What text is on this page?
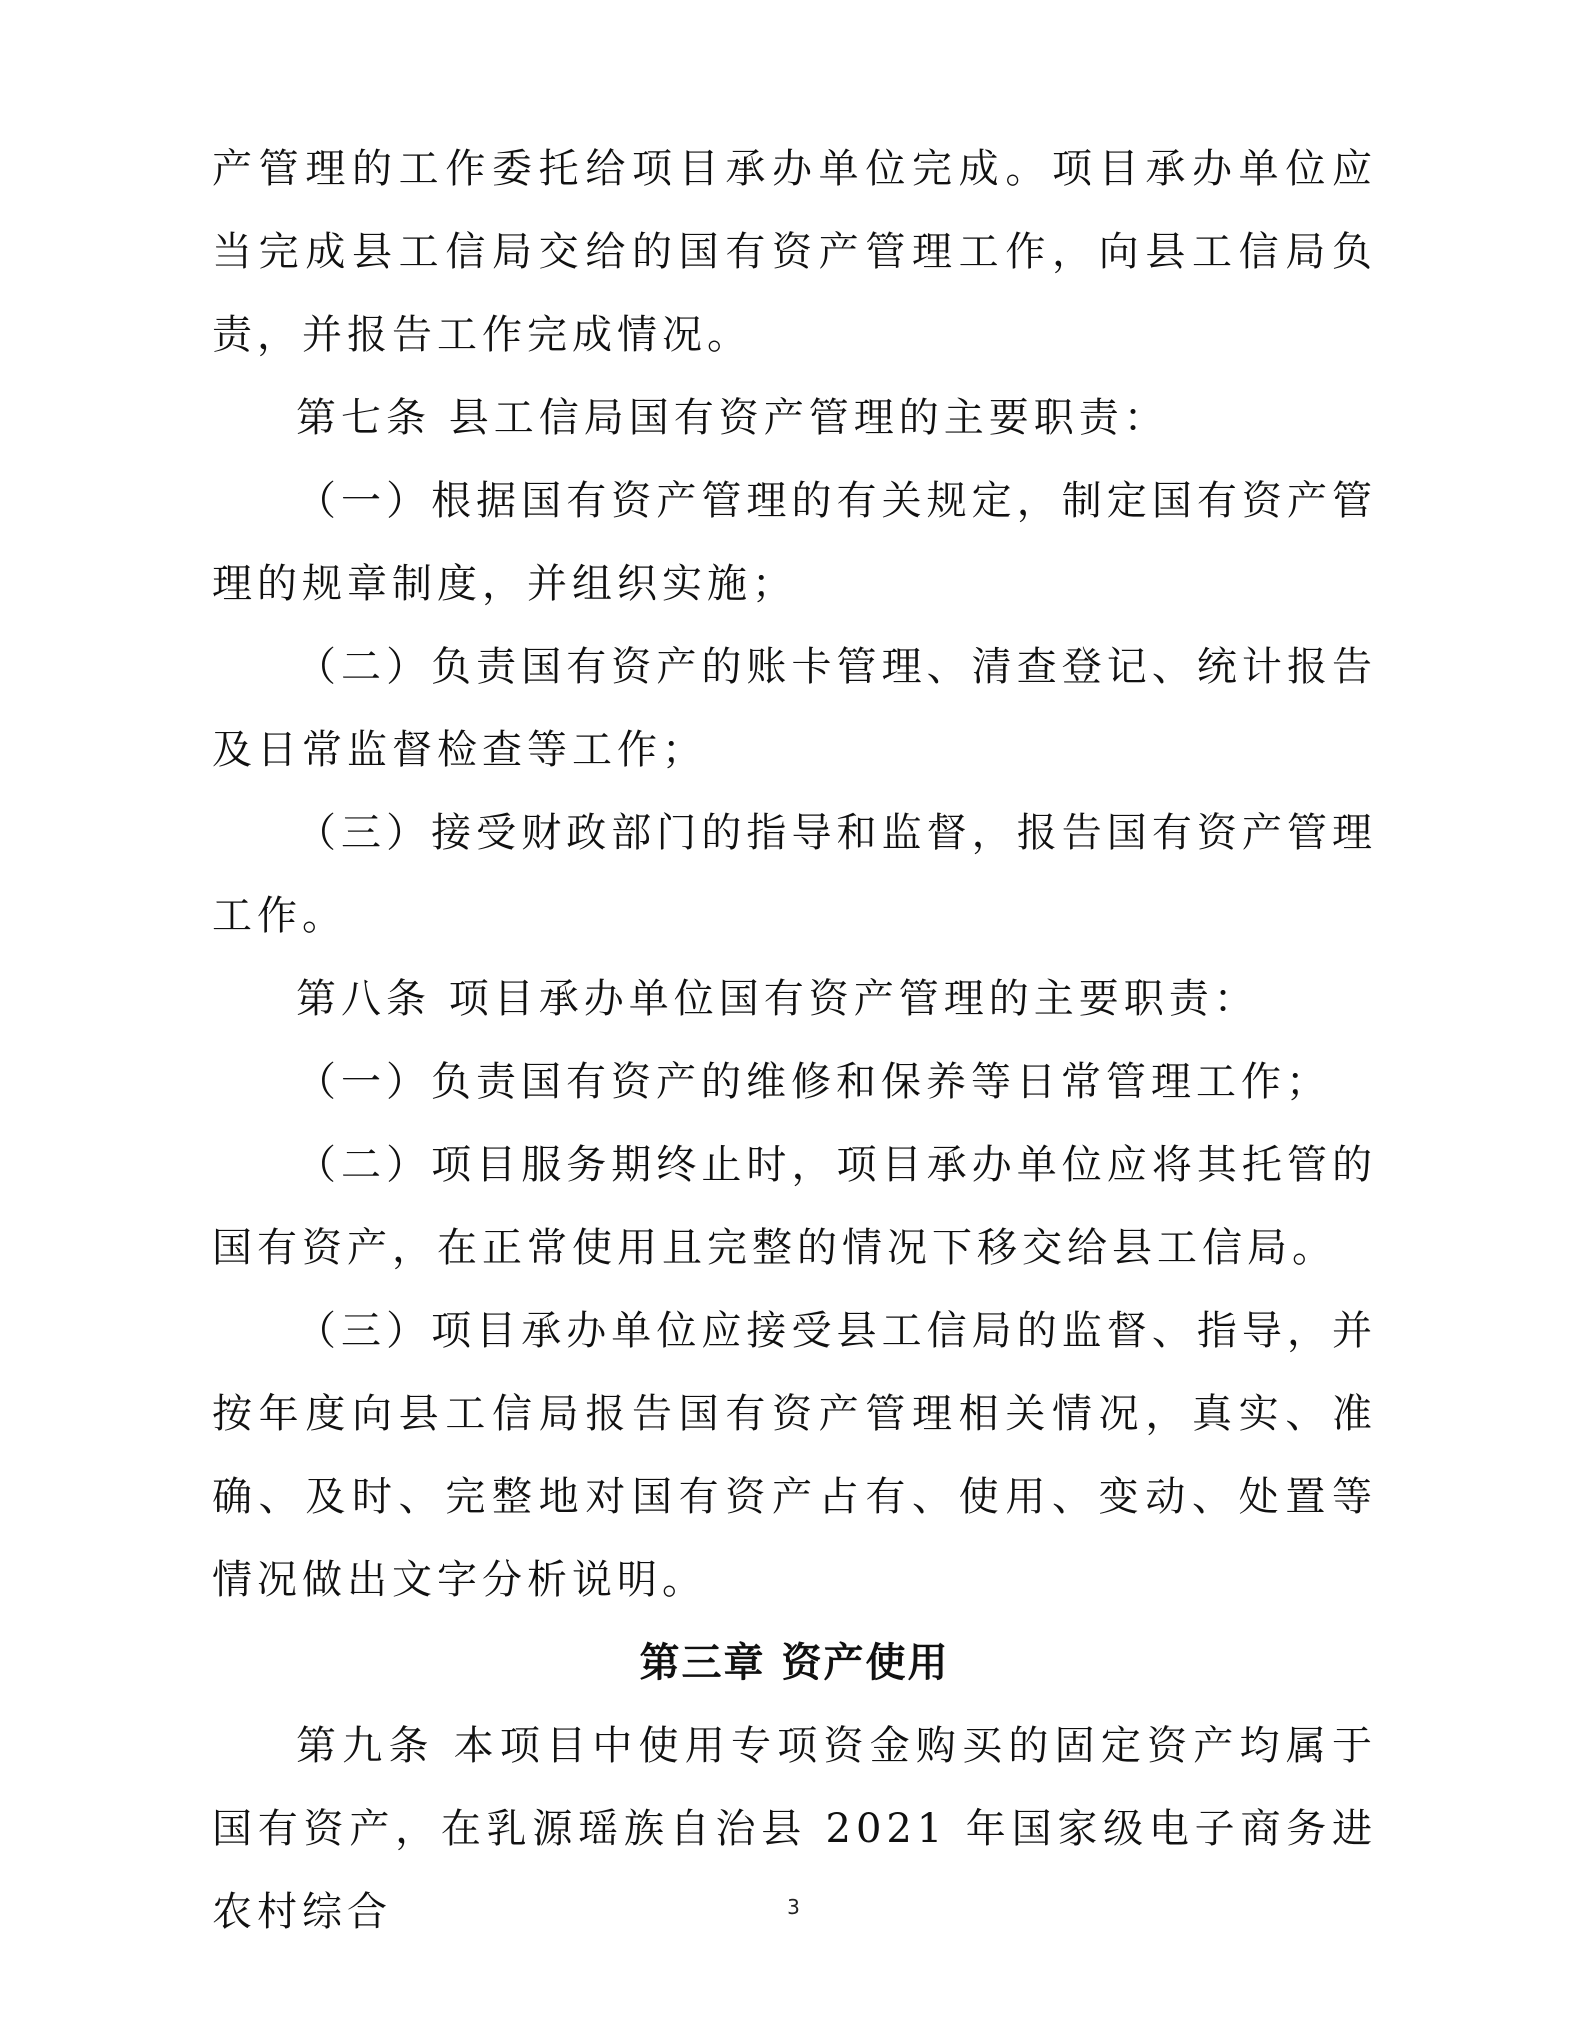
产管理的工作委托给项目承办单位完成。项目承办单位应当完成县工信局交给的国有资产管理工作，向县工信局负责，并报告工作完成情况。

第七条 县工信局国有资产管理的主要职责：

（一）根据国有资产管理的有关规定，制定国有资产管理的规章制度，并组织实施；

（二）负责国有资产的账卡管理、清查登记、统计报告及日常监督检查等工作；

（三）接受财政部门的指导和监督，报告国有资产管理工作。

第八条 项目承办单位国有资产管理的主要职责：

（一）负责国有资产的维修和保养等日常管理工作；

（二）项目服务期终止时，项目承办单位应将其托管的国有资产，在正常使用且完整的情况下移交给县工信局。

（三）项目承办单位应接受县工信局的监督、指导，并按年度向县工信局报告国有资产管理相关情况，真实、准确、及时、完整地对国有资产占有、使用、变动、处置等情况做出文字分析说明。

第三章 资产使用

第九条 本项目中使用专项资金购买的固定资产均属于国有资产，在乳源瑶族自治县 2021 年国家级电子商务进农村综合	3
